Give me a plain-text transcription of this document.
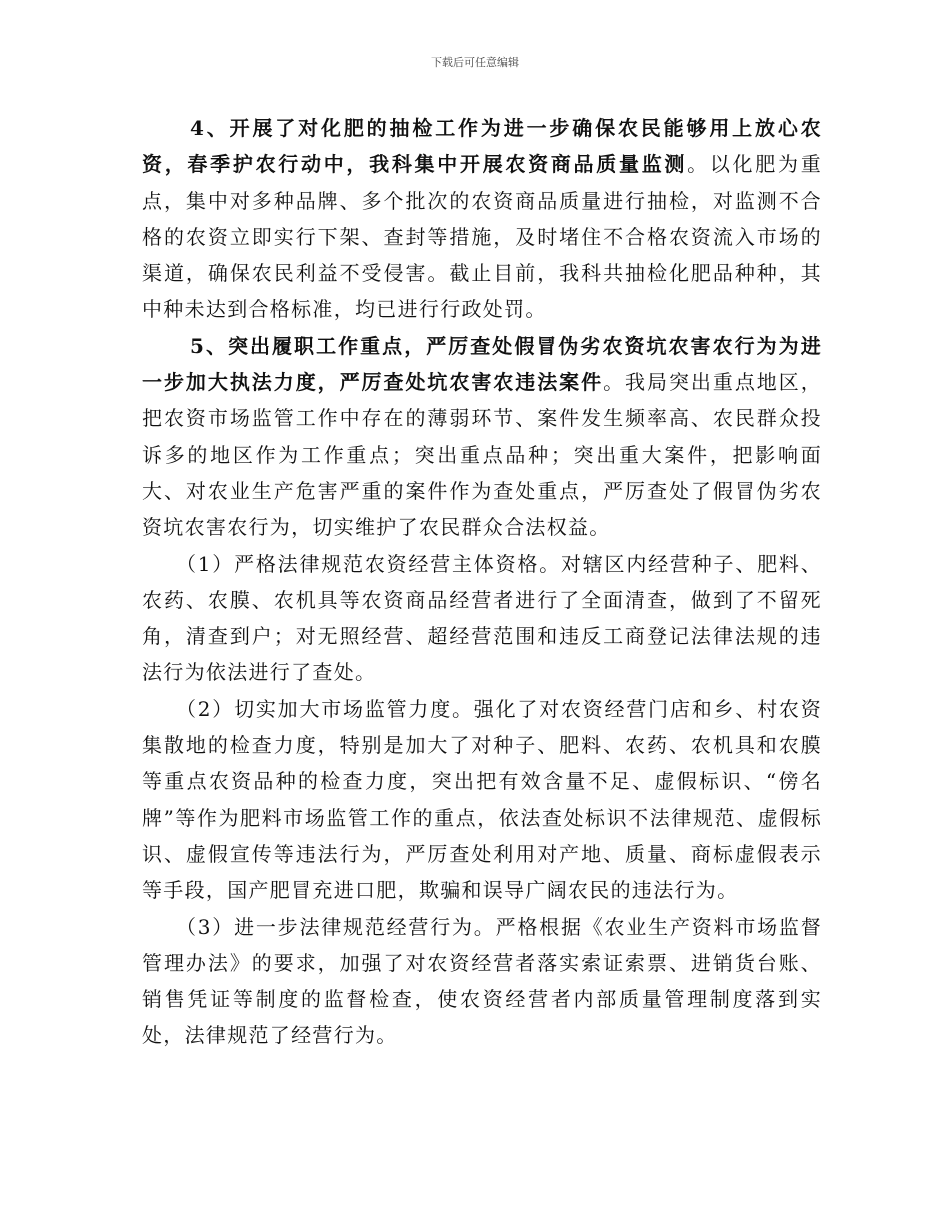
下载后可任意编辑

4、开展了对化肥的抽检工作为进一步确保农民能够用上放心农资，春季护农行动中，我科集中开展农资商品质量监测。以化肥为重点，集中对多种品牌、多个批次的农资商品质量进行抽检，对监测不合格的农资立即实行下架、查封等措施，及时堵住不合格农资流入市场的渠道，确保农民利益不受侵害。截止目前，我科共抽检化肥品种种，其中种未达到合格标准，均已进行行政处罚。

5、突出履职工作重点，严厉查处假冒伪劣农资坑农害农行为为进一步加大执法力度，严厉查处坑农害农违法案件。我局突出重点地区，把农资市场监管工作中存在的薄弱环节、案件发生频率高、农民群众投诉多的地区作为工作重点；突出重点品种；突出重大案件，把影响面大、对农业生产危害严重的案件作为查处重点，严厉查处了假冒伪劣农资坑农害农行为，切实维护了农民群众合法权益。

（1）严格法律规范农资经营主体资格。对辖区内经营种子、肥料、农药、农膜、农机具等农资商品经营者进行了全面清查，做到了不留死角，清查到户；对无照经营、超经营范围和违反工商登记法律法规的违法行为依法进行了查处。

（2）切实加大市场监管力度。强化了对农资经营门店和乡、村农资集散地的检查力度，特别是加大了对种子、肥料、农药、农机具和农膜等重点农资品种的检查力度，突出把有效含量不足、虚假标识、“傍名牌”等作为肥料市场监管工作的重点，依法查处标识不法律规范、虚假标识、虚假宣传等违法行为，严厉查处利用对产地、质量、商标虚假表示等手段，国产肥冒充进口肥，欺骗和误导广阔农民的违法行为。

（3）进一步法律规范经营行为。严格根据《农业生产资料市场监督管理办法》的要求，加强了对农资经营者落实索证索票、进销货台账、销售凭证等制度的监督检查，使农资经营者内部质量管理制度落到实处，法律规范了经营行为。
